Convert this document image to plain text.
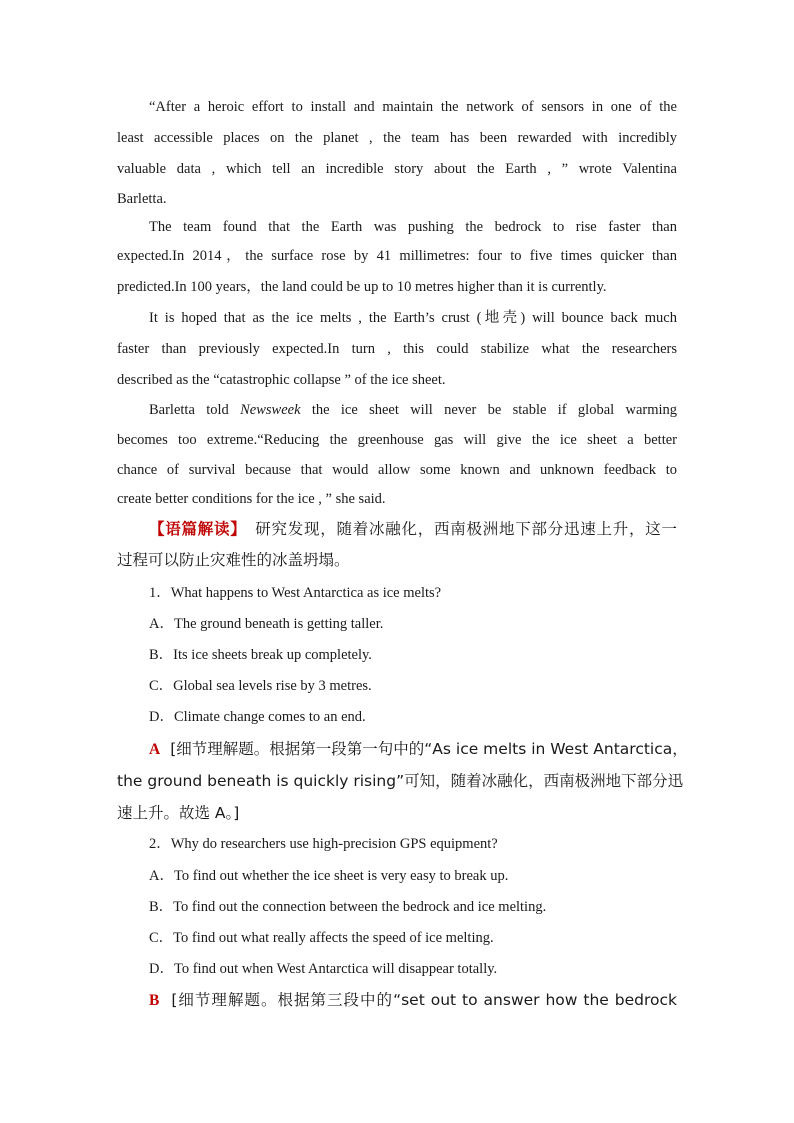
“After a heroic effort to install and maintain the network of sensors in one of the

least accessible places on the planet , the team has been rewarded with incredibly

valuable data , which tell an incredible story about the Earth , ” wrote Valentina

Barletta.

The team found that the Earth was pushing the bedrock to rise faster than

expected.In 2014，the surface rose by 41 millimetres: four to five times quicker than

predicted.In 100 years，the land could be up to 10 metres higher than it is currently.

It is hoped that as the ice melts , the Earth’s crust (地壳) will bounce back much

faster than previously expected.In turn , this could stabilize what the researchers

described as the “catastrophic collapse ” of the ice sheet.

Barletta told Newsweek the ice sheet will never be stable if global warming

becomes too extreme.“Reducing the greenhouse gas will give the ice sheet a better

chance of survival because that would allow some known and unknown feedback to

create better conditions for the ice , ” she said.

【语篇解读】 研究发现，随着冰融化，西南极洲地下部分迅速上升，这一

过程可以防止灾难性的冰盖坍塌。

1．What happens to West Antarctica as ice melts?

A．The ground beneath is getting taller.

B．Its ice sheets break up completely.

C．Global sea levels rise by 3 metres.

D．Climate change comes to an end.

A [细节理解题。根据第一段第一句中的“As ice melts in West Antarctica，

the ground beneath is quickly rising”可知，随着冰融化，西南极洲地下部分迅

速上升。故选 A。]

2．Why do researchers use high-precision GPS equipment?

A．To find out whether the ice sheet is very easy to break up.

B．To find out the connection between the bedrock and ice melting.

C．To find out what really affects the speed of ice melting.

D．To find out when West Antarctica will disappear totally.

B [细节理解题。根据第三段中的“set out to answer how the bedrock
